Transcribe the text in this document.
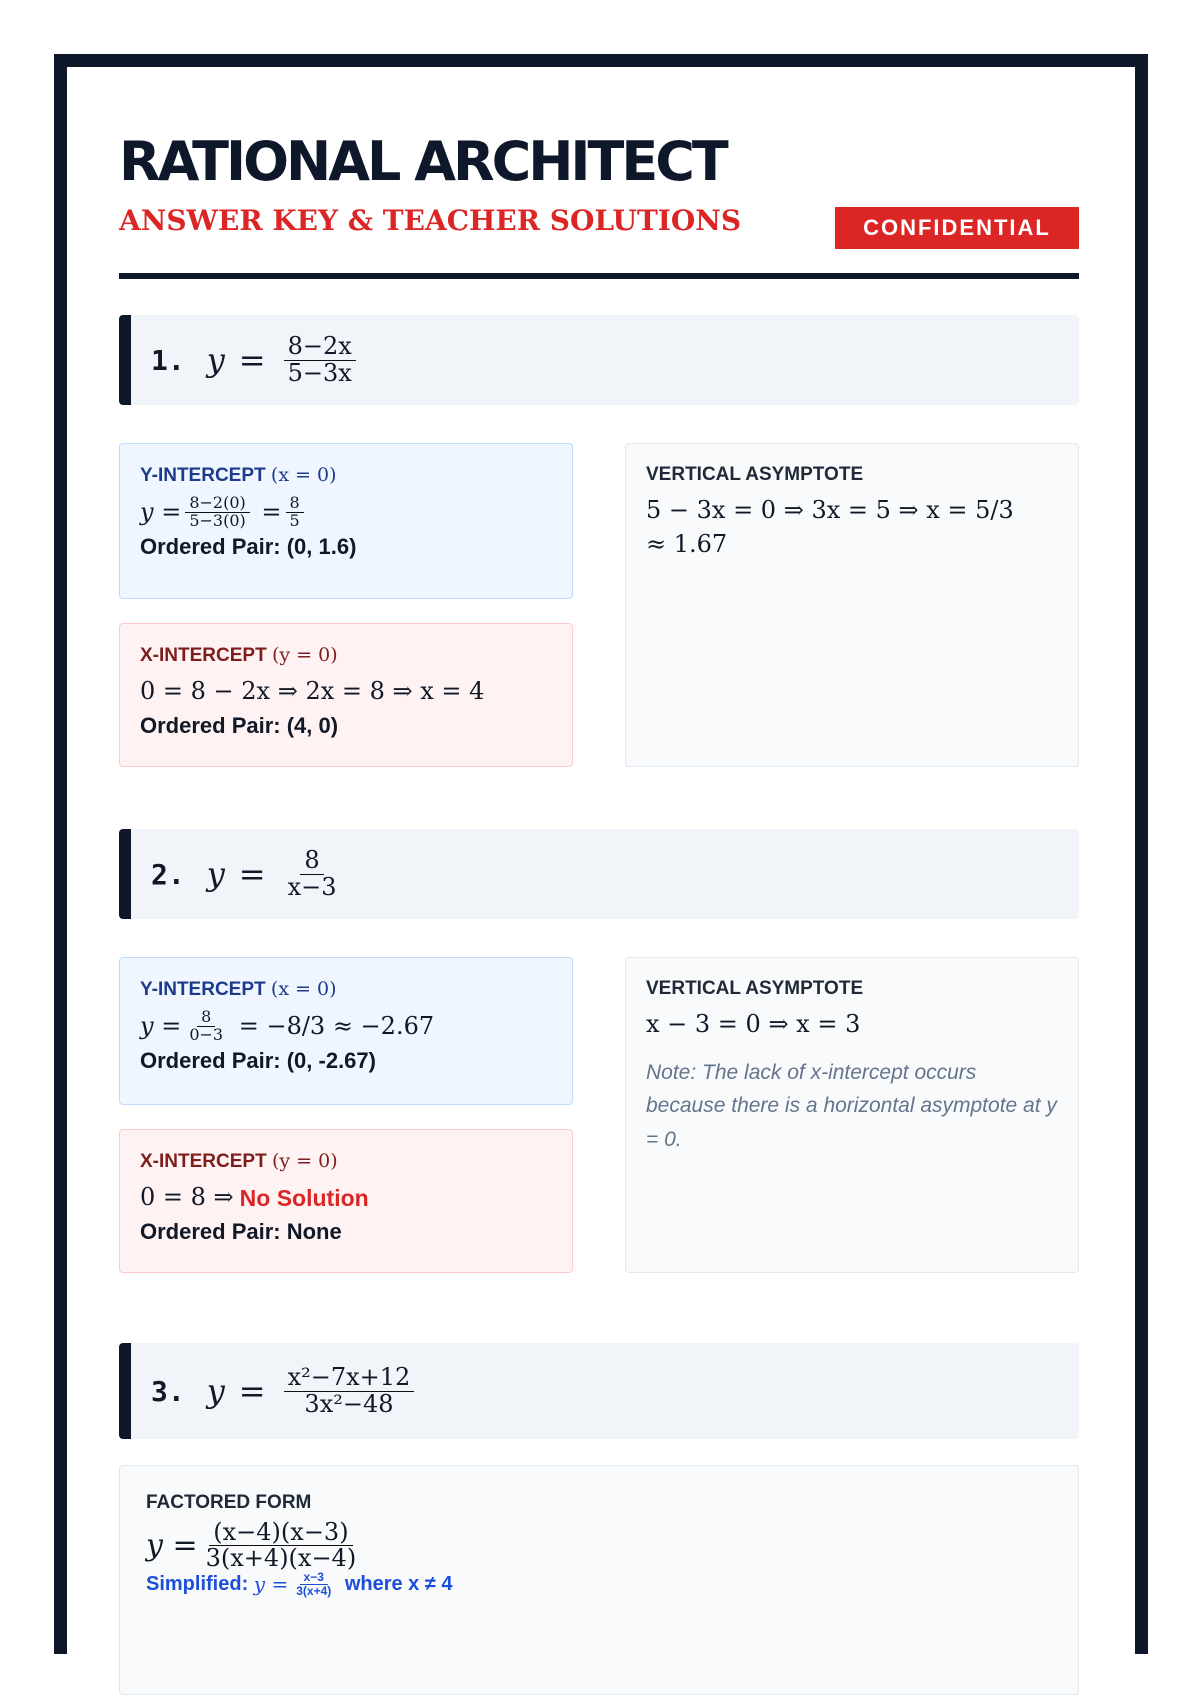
RATIONAL ARCHITECT
ANSWER KEY & TEACHER SOLUTIONS	CONFIDENTIAL
1. $y = \frac{8-2x}{5-3x}$
Y-INTERCEPT (x = 0)
$y = \frac{8-2(0)}{5-3(0)} = \frac{8}{5}$
Ordered Pair: (0, 1.6)
X-INTERCEPT (y = 0)
0 = 8 − 2x ⇒ 2x = 8 ⇒ x = 4
Ordered Pair: (4, 0)
VERTICAL ASYMPTOTE
5 − 3x = 0 ⇒ 3x = 5 ⇒ x = 5/3
≈ 1.67
2. $y = \frac{8}{x-3}$
Y-INTERCEPT (x = 0)
$y = \frac{8}{0-3}$
= −8/3 ≈ −2.67
Ordered Pair: (0, -2.67)
X-INTERCEPT (y = 0)
0 = 8 ⇒ No Solution
Ordered Pair: None
VERTICAL ASYMPTOTE
x − 3 = 0 ⇒ x = 3
Note: The lack of x-intercept occurs because there is a horizontal asymptote at y = 0.
3. $y = \frac{\text{x²−7x+12}}{\text{3x²−48}}$
FACTORED FORM
$y = \frac{(x-4)(x-3)}{3(x+4)(x-4)}$
Simplified:
$y = \frac{x-3}{3(x+4)}$
where x ≠ 4
